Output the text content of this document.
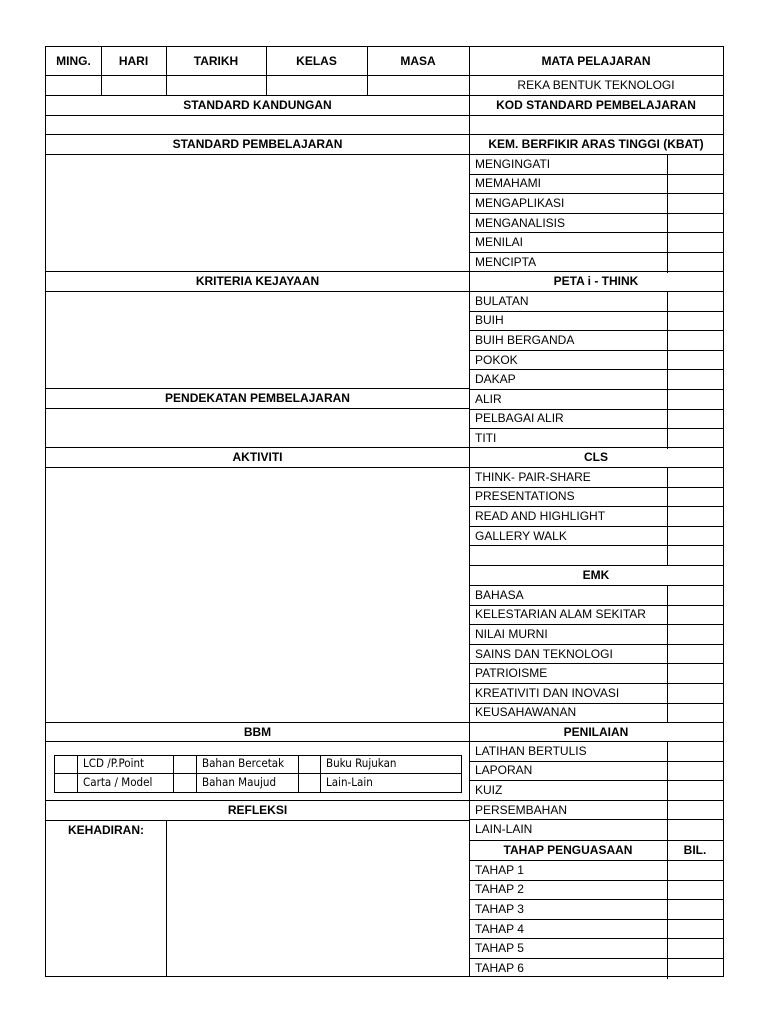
MING.	HARI	TARIKH	KELAS	MASA	MATA PELAJARAN
REKA BENTUK TEKNOLOGI
STANDARD KANDUNGAN
STANDARD PEMBELAJARAN
KRITERIA KEJAYAAN
PENDEKATAN PEMBELAJARAN
AKTIVITI
BBM
REFLEKSI
KEHADIRAN:
LCD /P.Point	Bahan Bercetak	Buku Rujukan
Carta / Model	Bahan Maujud	Lain-Lain
KOD STANDARD PEMBELAJARAN
KEM. BERFIKIR ARAS TINGGI (KBAT)
PETA i - THINK
CLS
EMK
PENILAIAN
TAHAP PENGUASAAN	BIL.
MENGINGATI
MEMAHAMI
MENGAPLIKASI
MENGANALISIS
MENILAI
MENCIPTA
BULATAN
BUIH
BUIH BERGANDA
POKOK
DAKAP
ALIR
PELBAGAI ALIR
TITI
THINK- PAIR-SHARE
PRESENTATIONS
READ AND HIGHLIGHT
GALLERY WALK
BAHASA
KELESTARIAN ALAM SEKITAR
NILAI MURNI
SAINS DAN TEKNOLOGI
PATRIOISME
KREATIVITI DAN INOVASI
KEUSAHAWANAN
LATIHAN BERTULIS
LAPORAN
KUIZ
PERSEMBAHAN
LAIN-LAIN
TAHAP 1
TAHAP 2
TAHAP 3
TAHAP 4
TAHAP 5
TAHAP 6
